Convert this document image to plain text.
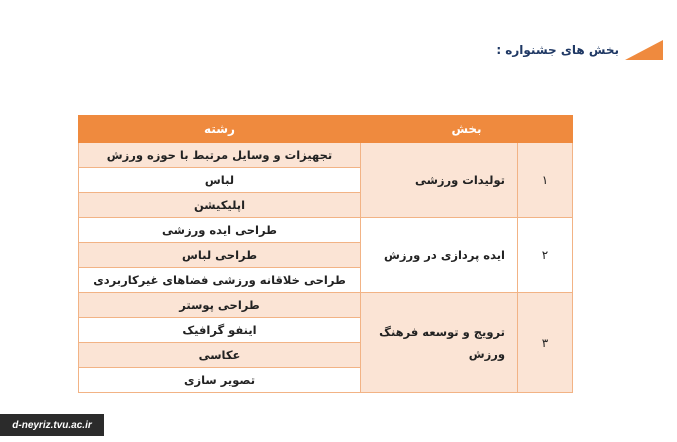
بخش های جشنواره :
بخش		رشته
۱	تولیدات ورزشی	تجهیزات و وسایل مرتبط با حوزه ورزش
		لباس
		اپلیکیشن
۲	ایده پردازی در ورزش	طراحی ایده ورزشی
		طراحی لباس
		طراحی خلاقانه ورزشی فضاهای غیرکاربردی
۳	ترویج و توسعه فرهنگ ورزش	طراحی پوستر
		اینفو گرافیک
		عکاسی
		تصویر سازی
d-neyriz.tvu.ac.ir
